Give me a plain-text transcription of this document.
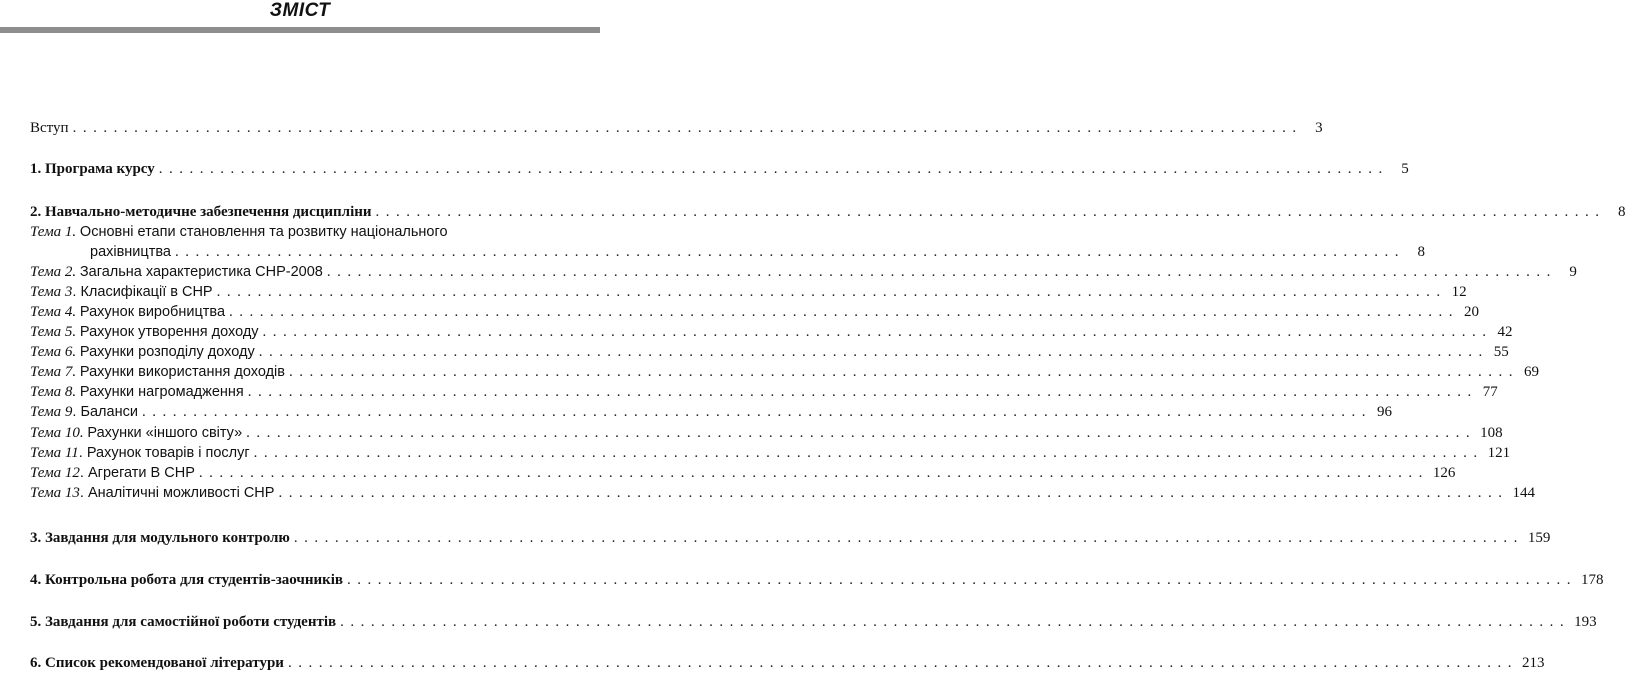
ЗМІСТ
Вступ ........................................................................................................................ 3
1. Програма курсу ........................................................................................................................ 5
2. Навчально-методичне забезпечення дисципліни ........................................................................................................................ 8
Тема 1. Основні етапи становлення та розвитку національного
рахівництва ........................................................................................................................ 8
Тема 2. Загальна характеристика СНР-2008 ........................................................................................................................ 9
Тема 3. Класифікації в СНР ........................................................................................................................ 12
Тема 4. Рахунок виробництва ........................................................................................................................ 20
Тема 5. Рахунок утворення доходу ........................................................................................................................ 42
Тема 6. Рахунки розподілу доходу ........................................................................................................................ 55
Тема 7. Рахунки використання доходів ........................................................................................................................ 69
Тема 8. Рахунки нагромадження ........................................................................................................................ 77
Тема 9. Баланси ........................................................................................................................ 96
Тема 10. Рахунки «іншого світу» ........................................................................................................................ 108
Тема 11. Рахунок товарів і послуг ........................................................................................................................ 121
Тема 12. Агрегати В СНР ........................................................................................................................ 126
Тема 13. Аналітичні можливості СНР ........................................................................................................................ 144
3. Завдання для модульного контролю ........................................................................................................................ 159
4. Контрольна робота для студентів-заочників ........................................................................................................................ 178
5. Завдання для самостійної роботи студентів ........................................................................................................................ 193
6. Список рекомендованої літератури ........................................................................................................................ 213
